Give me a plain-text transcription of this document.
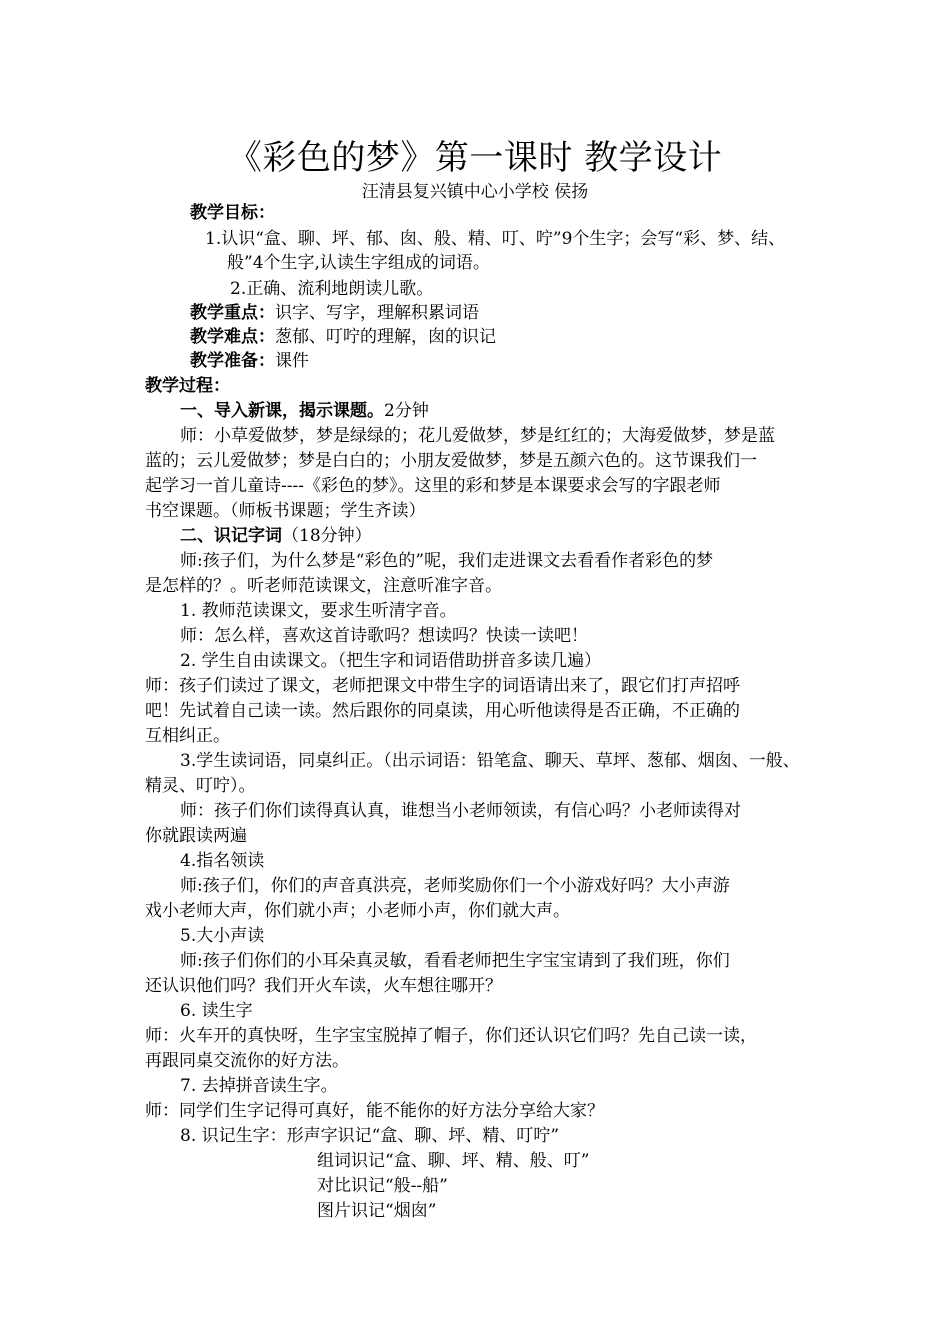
《彩色的梦》第一课时 教学设计
汪清县复兴镇中心小学校 侯扬
教学目标：
1.认识“盒、聊、坪、郁、囱、般、精、叮、咛”9个生字；会写“彩、梦、结、
般”4个生字,认读生字组成的词语。
2.正确、流利地朗读儿歌。
教学重点：识字、写字，理解积累词语
教学难点：葱郁、叮咛的理解，囱的识记
教学准备：课件
教学过程：
一、导入新课，揭示课题。2分钟
师：小草爱做梦，梦是绿绿的；花儿爱做梦，梦是红红的；大海爱做梦，梦是蓝
蓝的；云儿爱做梦；梦是白白的；小朋友爱做梦，梦是五颜六色的。这节课我们一
起学习一首儿童诗----《彩色的梦》。这里的彩和梦是本课要求会写的字跟老师
书空课题。（师板书课题；学生齐读）
二、识记字词（18分钟）
师:孩子们，为什么梦是“彩色的”呢，我们走进课文去看看作者彩色的梦
是怎样的？。听老师范读课文，注意听准字音。
1. 教师范读课文，要求生听清字音。
师：怎么样，喜欢这首诗歌吗？想读吗？快读一读吧！
2. 学生自由读课文。（把生字和词语借助拼音多读几遍）
师：孩子们读过了课文，老师把课文中带生字的词语请出来了，跟它们打声招呼
吧！先试着自己读一读。然后跟你的同桌读，用心听他读得是否正确，不正确的
互相纠正。
3.学生读词语，同桌纠正。（出示词语：铅笔盒、聊天、草坪、葱郁、烟囱、一般、
精灵、叮咛）。
师：孩子们你们读得真认真，谁想当小老师领读，有信心吗？小老师读得对
你就跟读两遍
4.指名领读
师:孩子们，你们的声音真洪亮，老师奖励你们一个小游戏好吗？大小声游
戏小老师大声，你们就小声；小老师小声，你们就大声。
5.大小声读
师:孩子们你们的小耳朵真灵敏，看看老师把生字宝宝请到了我们班，你们
还认识他们吗？我们开火车读，火车想往哪开？
6. 读生字
师：火车开的真快呀，生字宝宝脱掉了帽子，你们还认识它们吗？先自己读一读，
再跟同桌交流你的好方法。
7. 去掉拼音读生字。
师：同学们生字记得可真好，能不能你的好方法分享给大家？
8. 识记生字：形声字识记“盒、聊、坪、精、叮咛”
组词识记“盒、聊、坪、精、般、叮”
对比识记“般--船”
图片识记“烟囱”
